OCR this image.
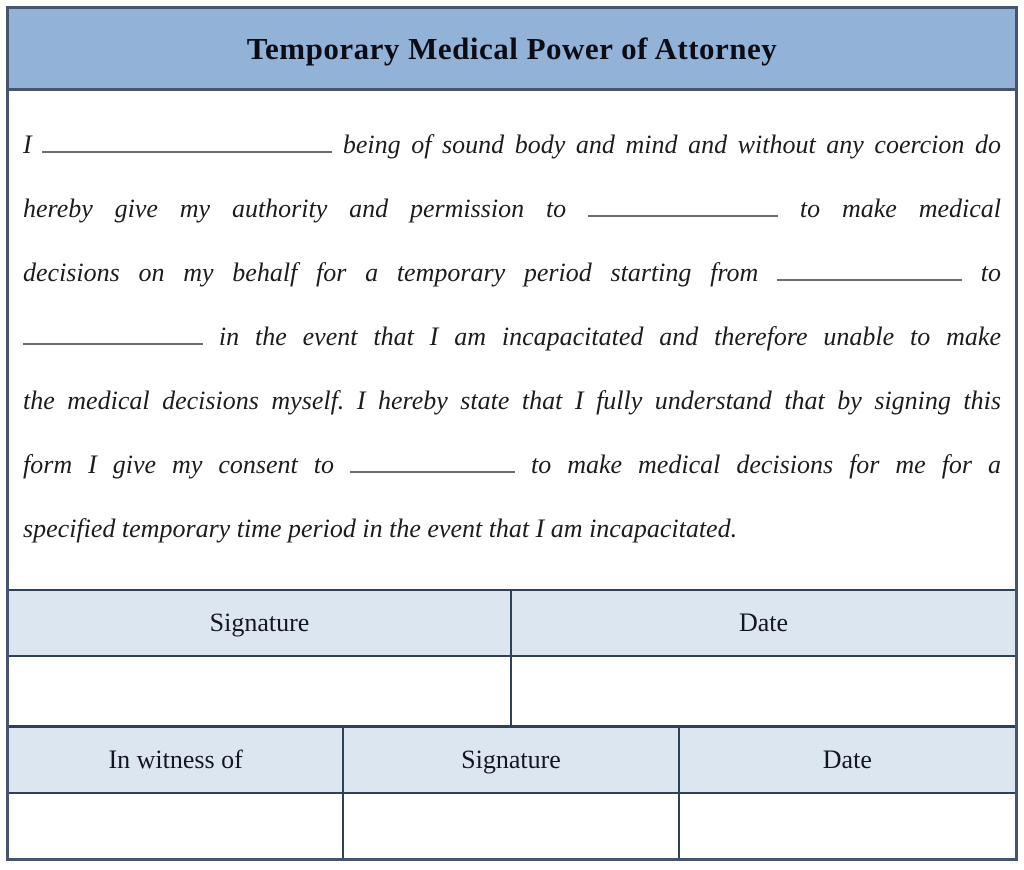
Temporary Medical Power of Attorney
I	being of sound body and mind and without any coercion do
hereby give my authority and permission to	to make medical
decisions on my behalf for a temporary period starting from	to
in the event that I am incapacitated and therefore unable to make
the medical decisions myself. I hereby state that I fully understand that by signing this
form I give my consent to	to make medical decisions for me for a
specified temporary time period in the event that I am incapacitated.
Signature	Date
In witness of	Signature	Date
